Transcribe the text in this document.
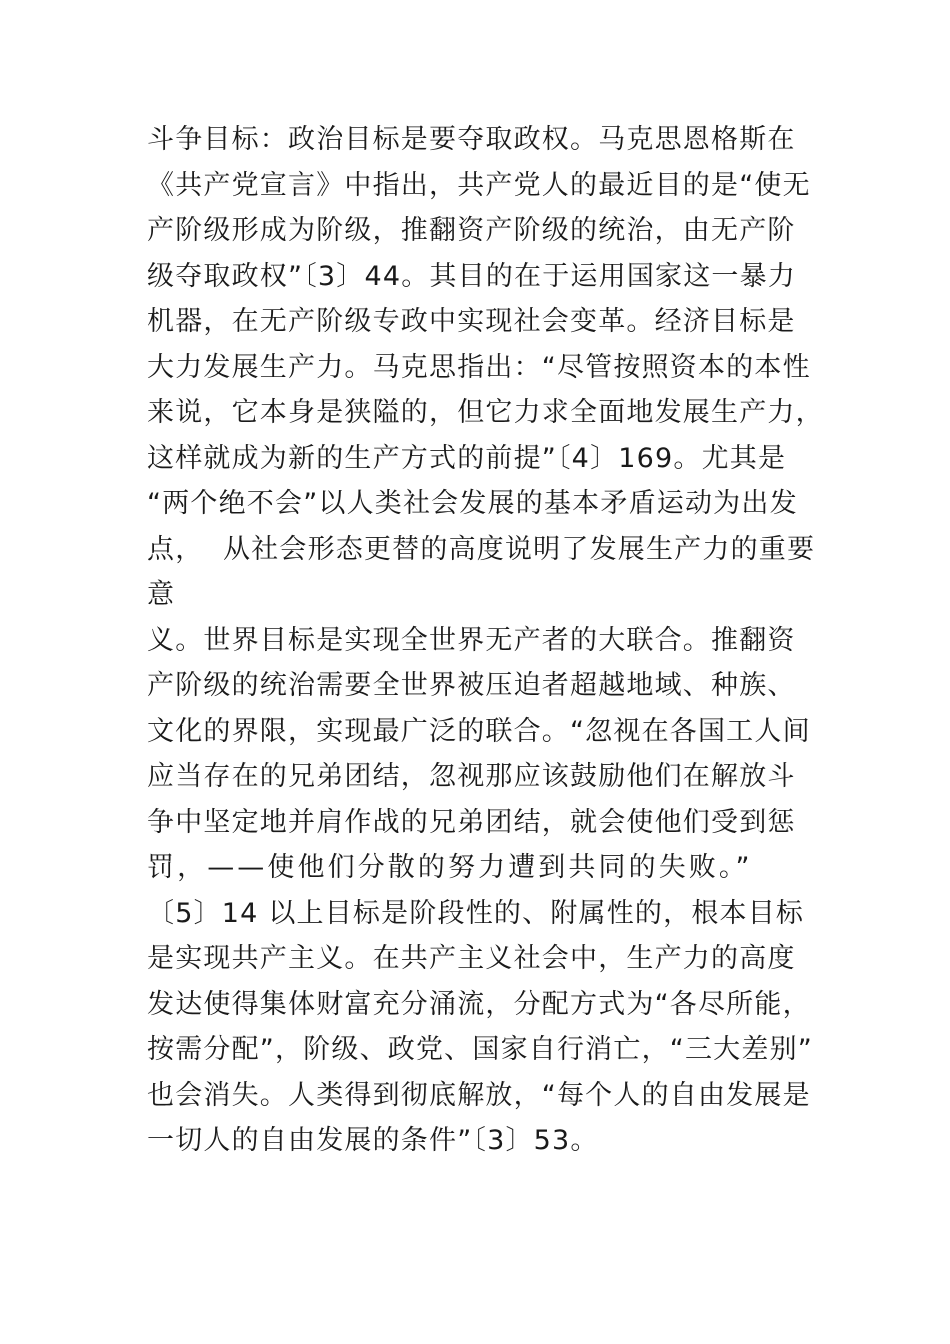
斗争目标：政治目标是要夺取政权。马克思恩格斯在
《共产党宣言》中指出，共产党人的最近目的是“使无
产阶级形成为阶级，推翻资产阶级的统治，由无产阶
级夺取政权”〔3〕44。其目的在于运用国家这一暴力
机器，在无产阶级专政中实现社会变革。经济目标是
大力发展生产力。马克思指出：“尽管按照资本的本性
来说，它本身是狭隘的，但它力求全面地发展生产力，
这样就成为新的生产方式的前提”〔4〕169。尤其是
“两个绝不会”以人类社会发展的基本矛盾运动为出发
点，  从社会形态更替的高度说明了发展生产力的重要
意
义。世界目标是实现全世界无产者的大联合。推翻资
产阶级的统治需要全世界被压迫者超越地域、种族、
文化的界限，实现最广泛的联合。“忽视在各国工人间
应当存在的兄弟团结，忽视那应该鼓励他们在解放斗
争中坚定地并肩作战的兄弟团结，就会使他们受到惩
罚，——使他们分散的努力遭到共同的失败。”
〔5〕14 以上目标是阶段性的、附属性的，根本目标
是实现共产主义。在共产主义社会中，生产力的高度
发达使得集体财富充分涌流，分配方式为“各尽所能，
按需分配”，阶级、政党、国家自行消亡，“三大差别”
也会消失。人类得到彻底解放，“每个人的自由发展是
一切人的自由发展的条件”〔3〕53。
